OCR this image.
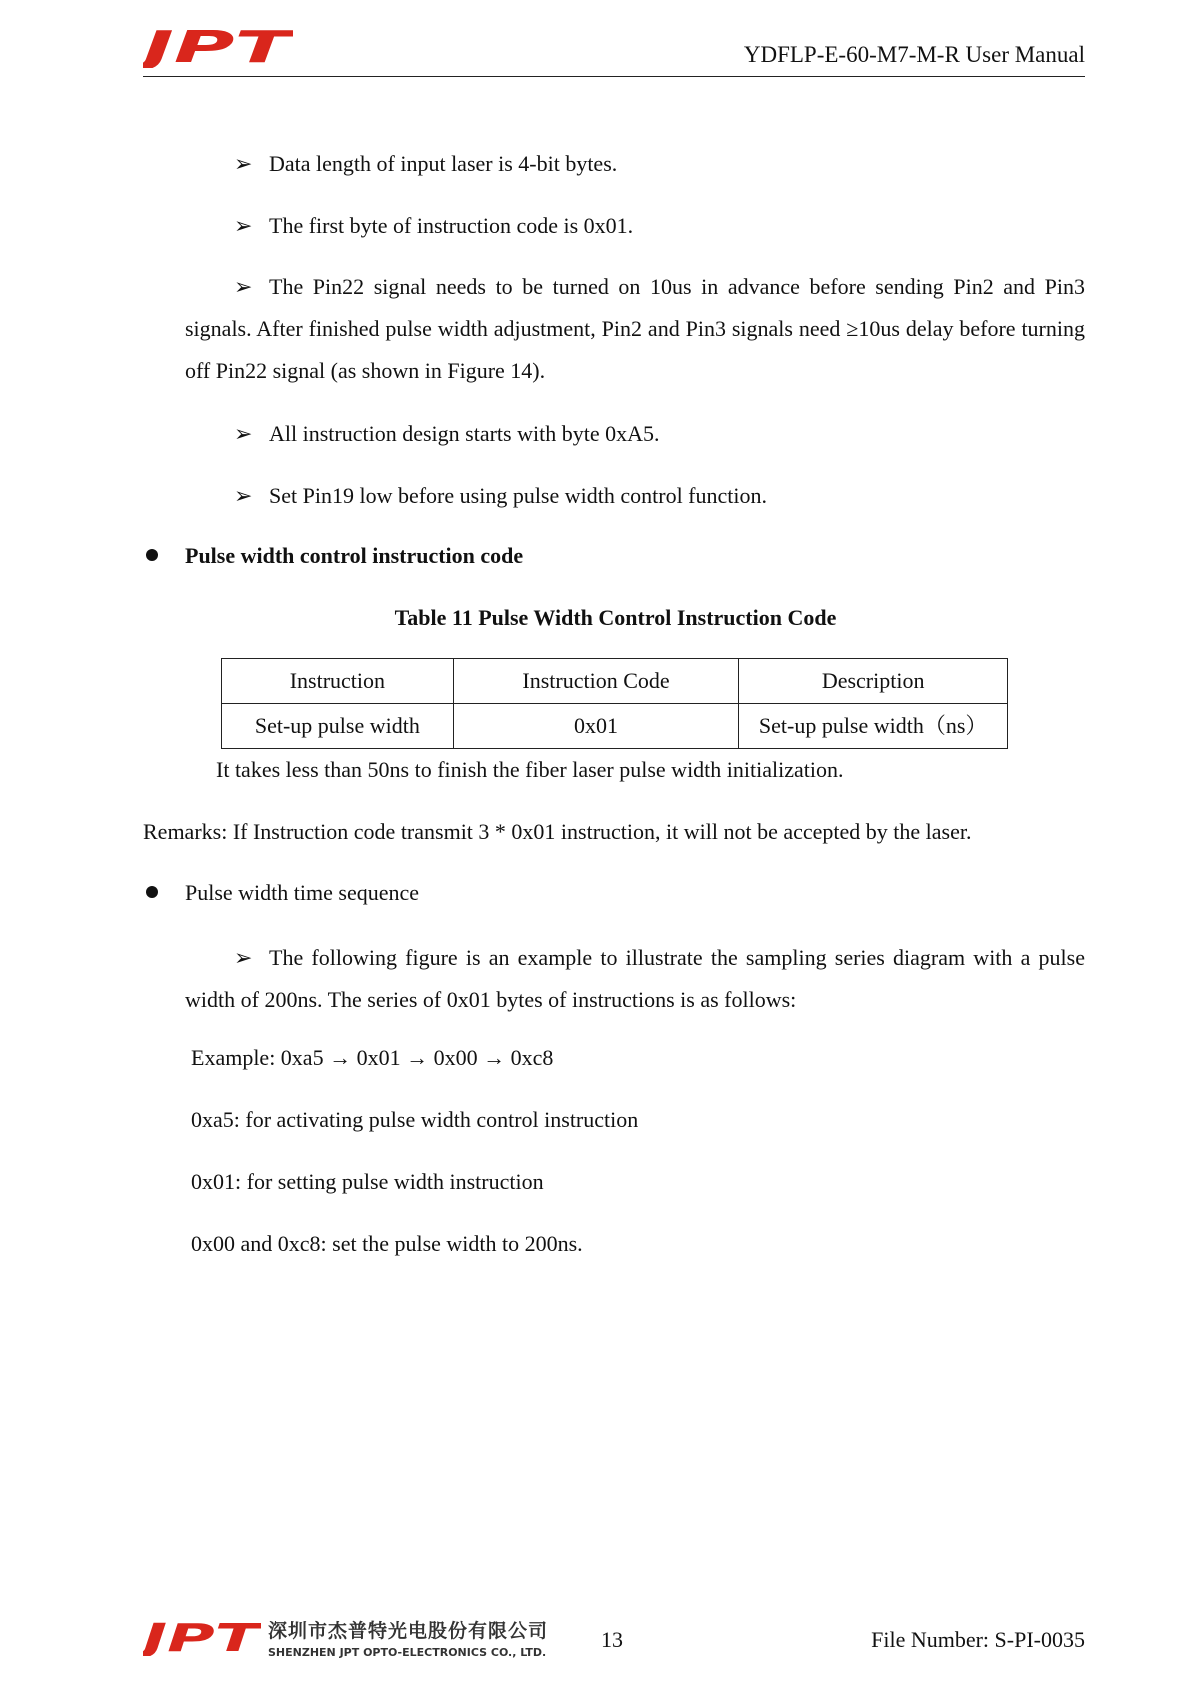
PT	YDFLP-E-60-M7-M-R User Manual
➢ Data length of input laser is 4-bit bytes.
➢ The first byte of instruction code is 0x01.
➢ The Pin22 signal needs to be turned on 10us in advance before sending Pin2 and Pin3 signals. After finished pulse width adjustment, Pin2 and Pin3 signals need ≥10us delay before turning off Pin22 signal (as shown in Figure 14).
➢ All instruction design starts with byte 0xA5.
➢ Set Pin19 low before using pulse width control function.
Pulse width control instruction code
Table 11 Pulse Width Control Instruction Code
Instruction	Instruction Code	Description
Set-up pulse width	0x01	Set-up pulse width（ns）
It takes less than 50ns to finish the fiber laser pulse width initialization.
Remarks: If Instruction code transmit 3 * 0x01 instruction, it will not be accepted by the laser.
Pulse width time sequence
➢ The following figure is an example to illustrate the sampling series diagram with a pulse width of 200ns. The series of 0x01 bytes of instructions is as follows:
Example: 0xa5 → 0x01 → 0x00 → 0xc8
0xa5: for activating pulse width control instruction
0x01: for setting pulse width instruction
0x00 and 0xc8: set the pulse width to 200ns.
PT 深圳市杰普特光电股份有限公司
SHENZHEN JPT OPTO-ELECTRONICS CO., LTD.
13	File Number: S-PI-0035
